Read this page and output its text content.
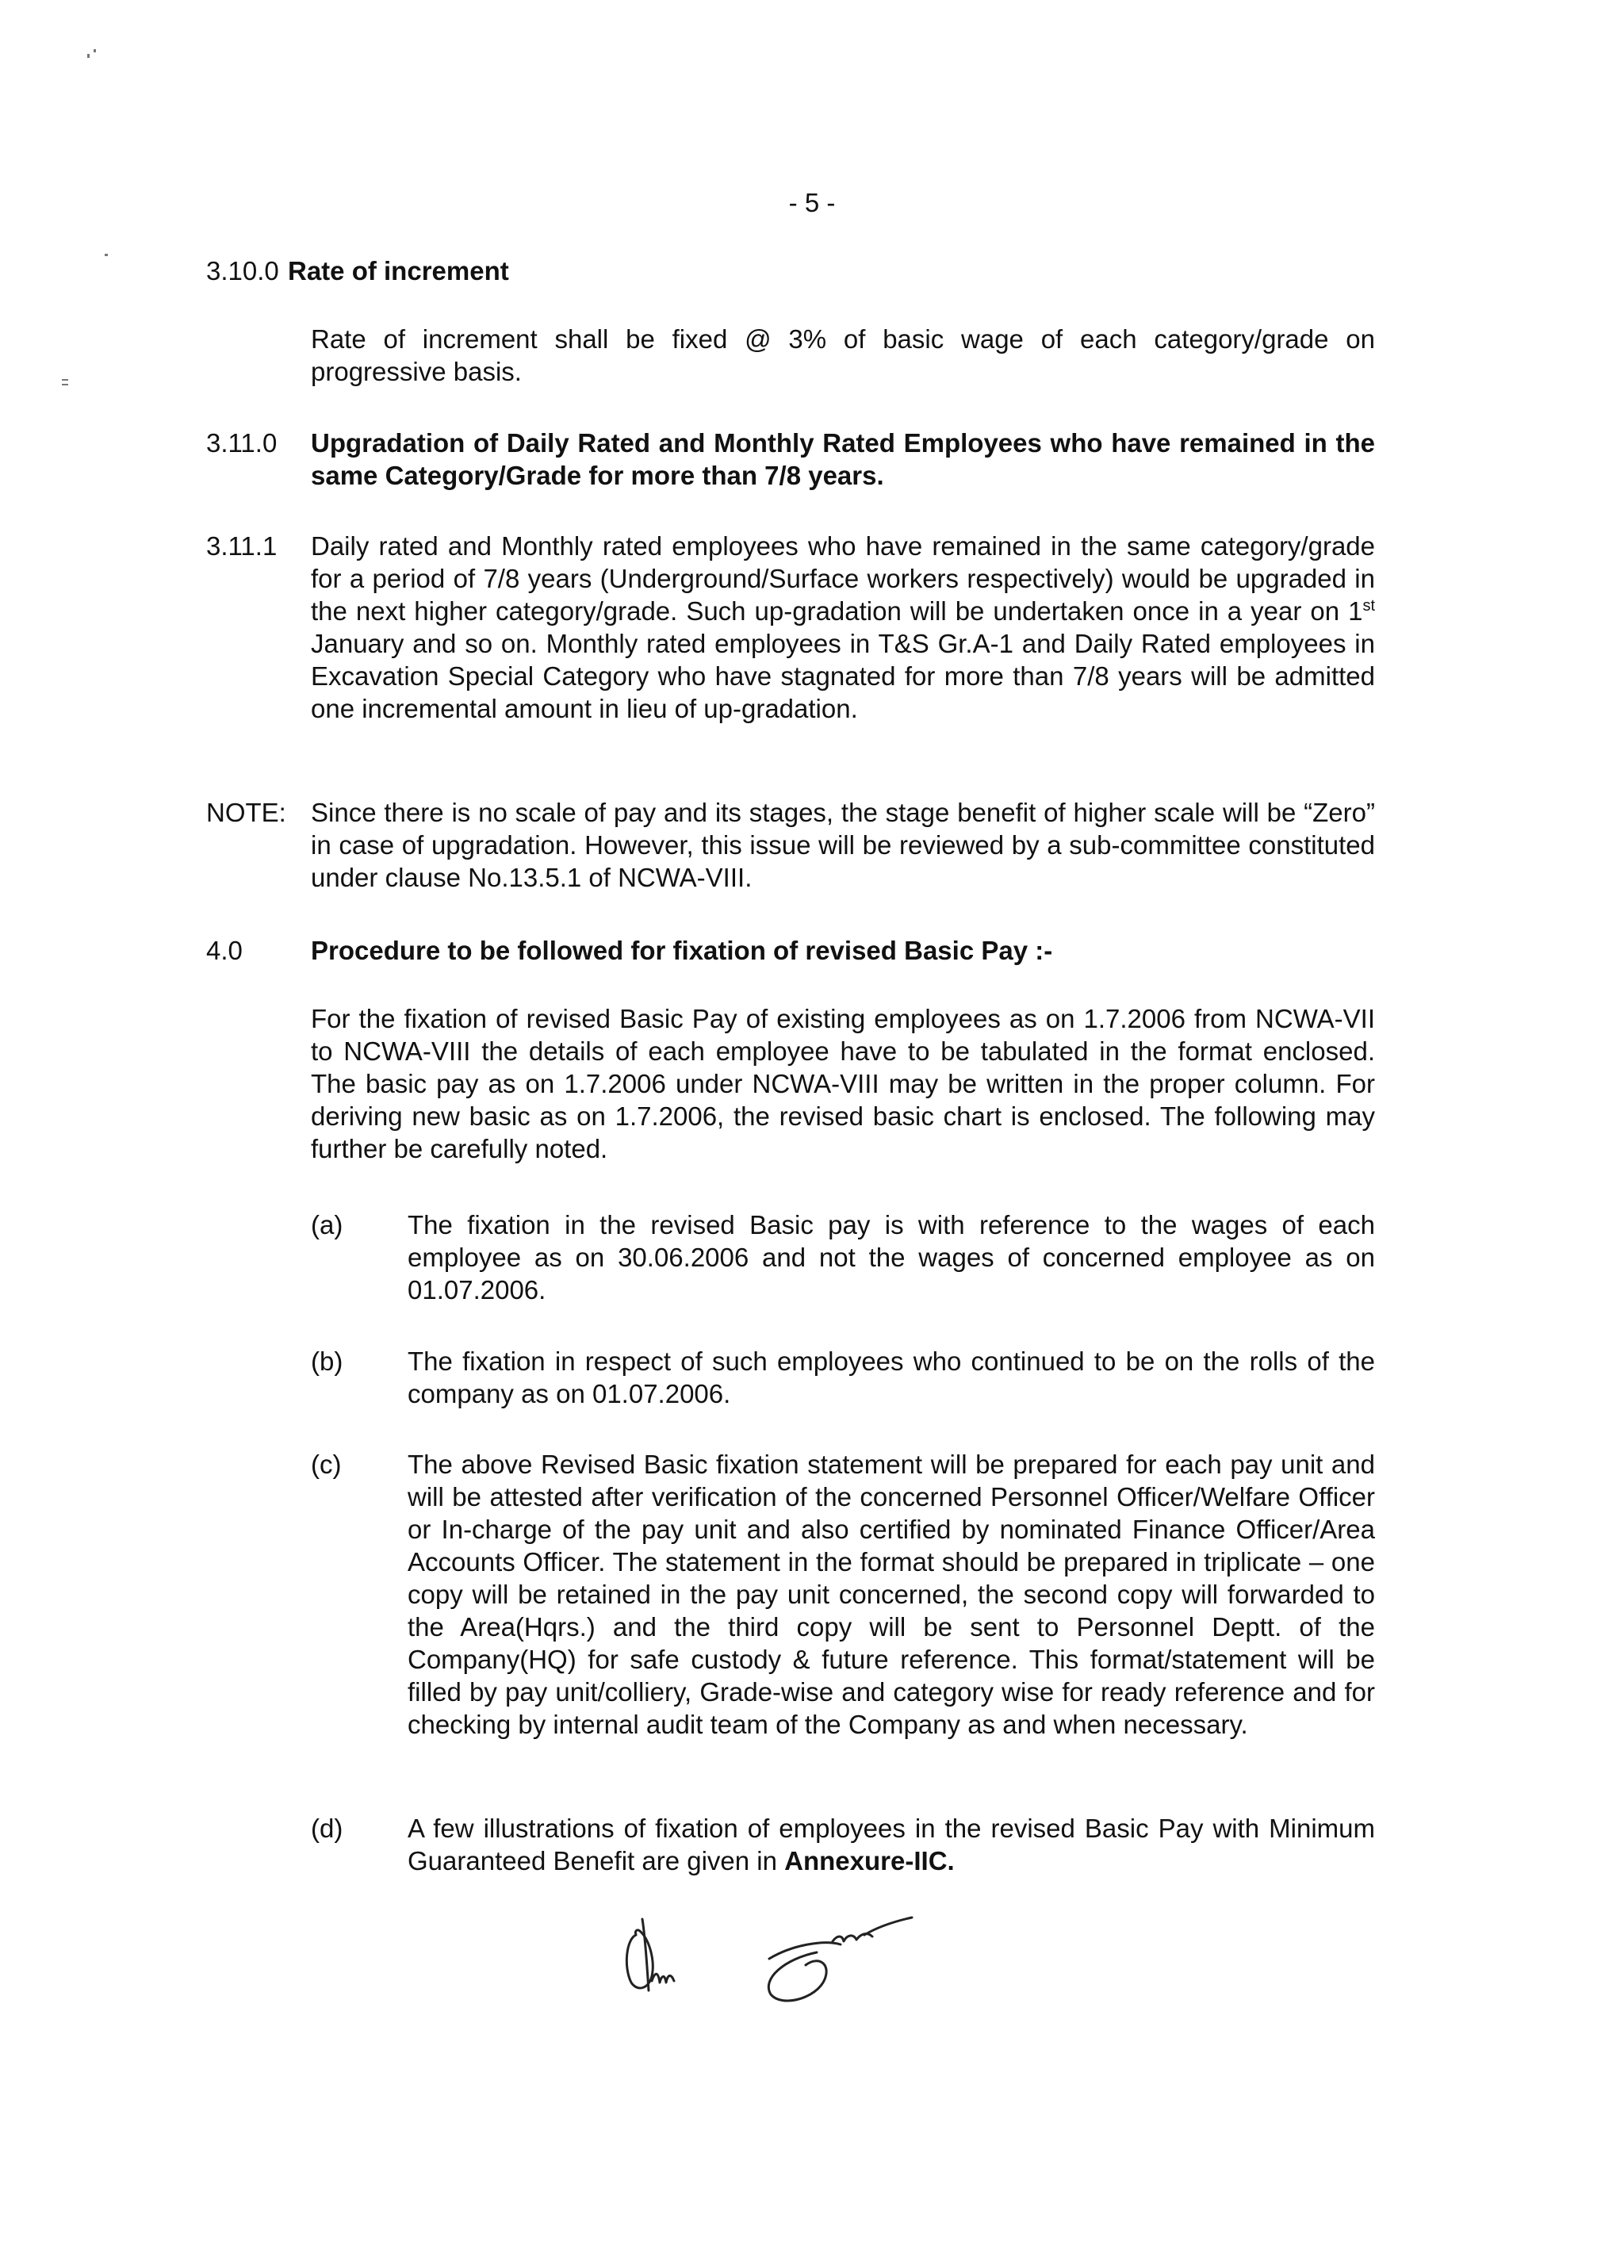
- 5 -
3.10.0 Rate of increment
Rate of increment shall be fixed @ 3% of basic wage of each category/grade on progressive basis.
3.11.0 Upgradation of Daily Rated and Monthly Rated Employees who have remained in the same Category/Grade for more than 7/8 years.
3.11.1 Daily rated and Monthly rated employees who have remained in the same category/grade for a period of 7/8 years (Underground/Surface workers respectively) would be upgraded in the next higher category/grade. Such up-gradation will be undertaken once in a year on 1st January and so on. Monthly rated employees in T&S Gr.A-1 and Daily Rated employees in Excavation Special Category who have stagnated for more than 7/8 years will be admitted one incremental amount in lieu of up-gradation.
NOTE: Since there is no scale of pay and its stages, the stage benefit of higher scale will be “Zero” in case of upgradation. However, this issue will be reviewed by a sub-committee constituted under clause No.13.5.1 of NCWA-VIII.
4.0	Procedure to be followed for fixation of revised Basic Pay :-
For the fixation of revised Basic Pay of existing employees as on 1.7.2006 from NCWA-VII to NCWA-VIII the details of each employee have to be tabulated in the format enclosed. The basic pay as on 1.7.2006 under NCWA-VIII may be written in the proper column. For deriving new basic as on 1.7.2006, the revised basic chart is enclosed. The following may further be carefully noted.
(a) The fixation in the revised Basic pay is with reference to the wages of each employee as on 30.06.2006 and not the wages of concerned employee as on 01.07.2006.
(b) The fixation in respect of such employees who continued to be on the rolls of the company as on 01.07.2006.
(c)	The above Revised Basic fixation statement will be prepared for each pay unit and will be attested after verification of the concerned Personnel Officer/Welfare Officer or In-charge of the pay unit and also certified by nominated Finance Officer/Area Accounts Officer. The statement in the format should be prepared in triplicate – one copy will be retained in the pay unit concerned, the second copy will forwarded to the Area(Hqrs.) and the third copy will be sent to Personnel Deptt. of the Company(HQ) for safe custody & future reference. This format/statement will be filled by pay unit/colliery, Grade-wise and category wise for ready reference and for checking by internal audit team of the Company as and when necessary.
(d) A few illustrations of fixation of employees in the revised Basic Pay with Minimum Guaranteed Benefit are given in Annexure-IIC.
